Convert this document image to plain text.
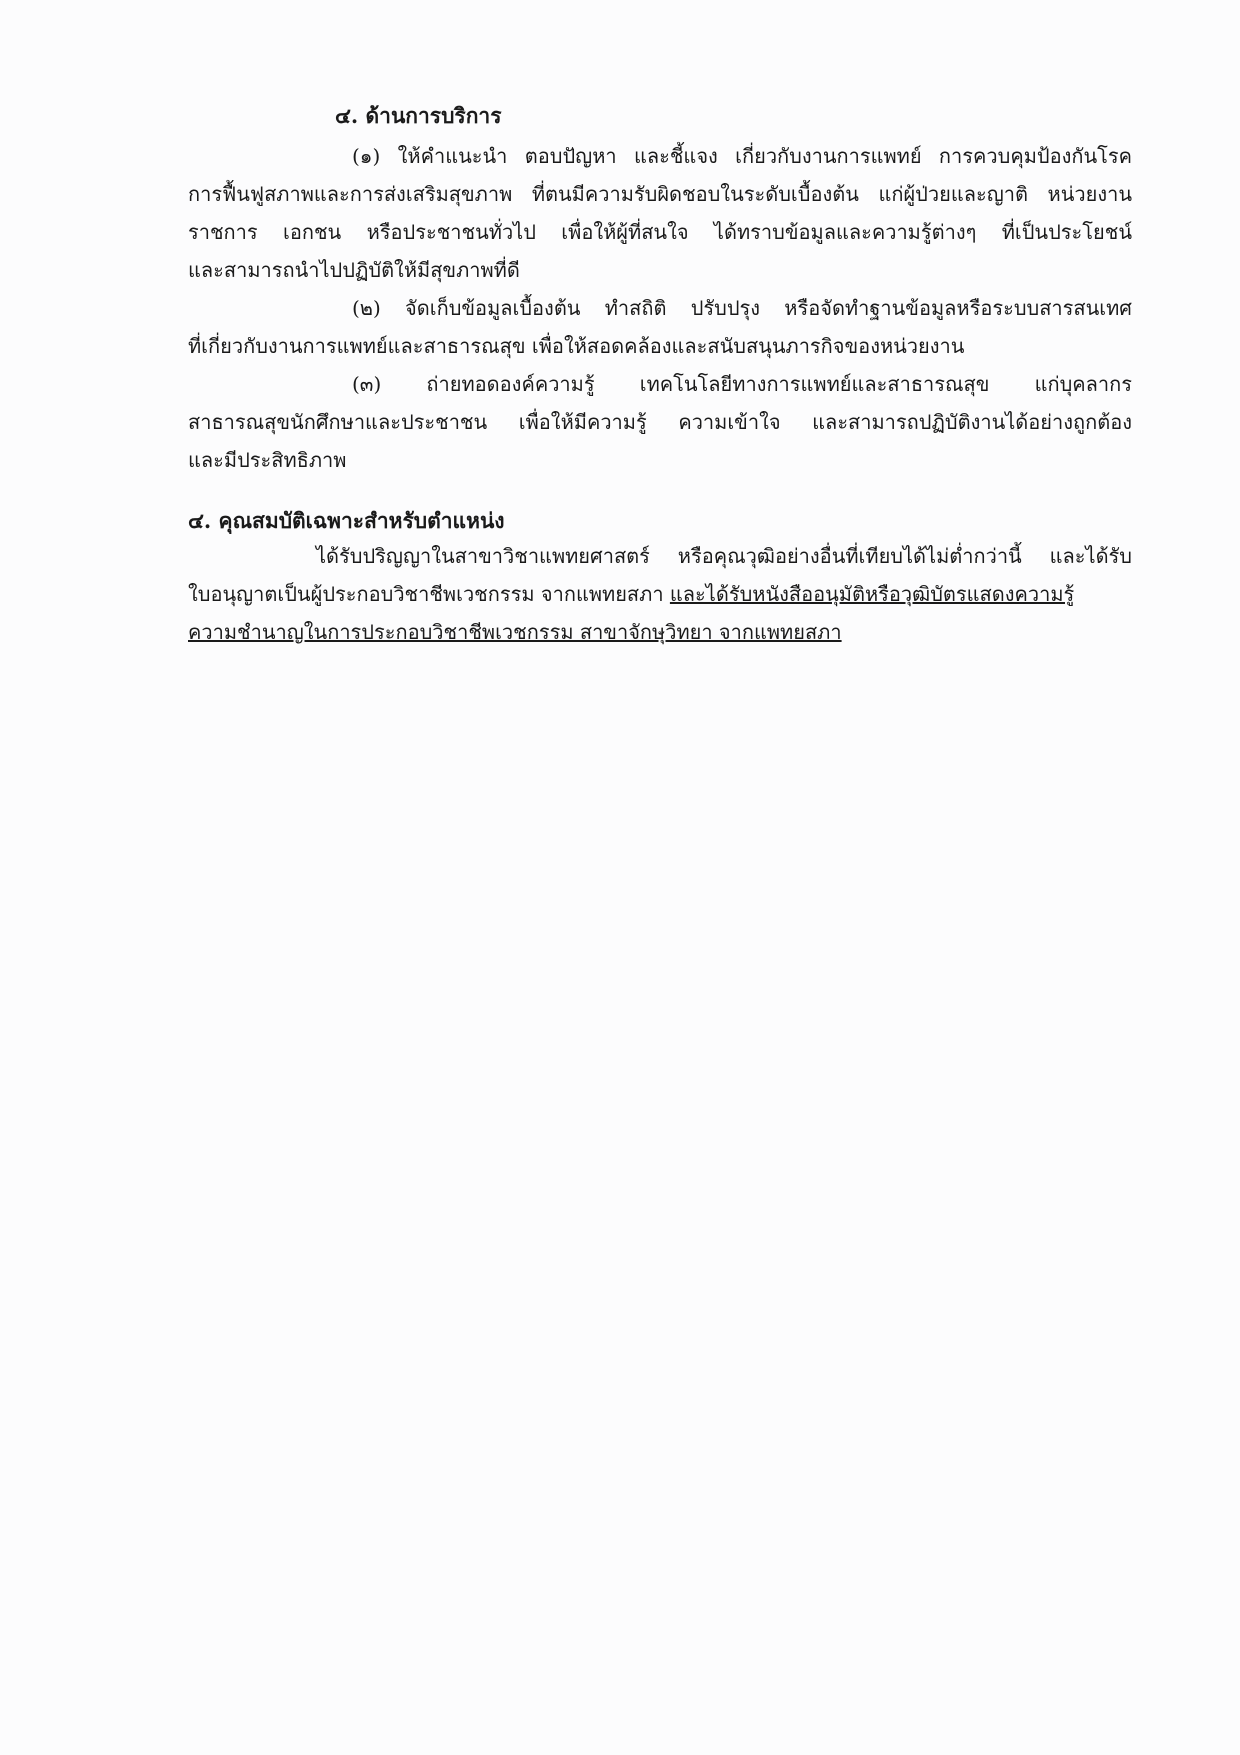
๔. ด้านการบริการ
(๑) ให้คำแนะนำ ตอบปัญหา และชี้แจง เกี่ยวกับงานการแพทย์ การควบคุมป้องกันโรค
การฟื้นฟูสภาพและการส่งเสริมสุขภาพ ที่ตนมีความรับผิดชอบในระดับเบื้องต้น แก่ผู้ป่วยและญาติ หน่วยงาน
ราชการ เอกชน หรือประชาชนทั่วไป เพื่อให้ผู้ที่สนใจ ได้ทราบข้อมูลและความรู้ต่างๆ ที่เป็นประโยชน์
และสามารถนำไปปฏิบัติให้มีสุขภาพที่ดี
(๒) จัดเก็บข้อมูลเบื้องต้น ทำสถิติ ปรับปรุง หรือจัดทำฐานข้อมูลหรือระบบสารสนเทศ
ที่เกี่ยวกับงานการแพทย์และสาธารณสุข เพื่อให้สอดคล้องและสนับสนุนภารกิจของหน่วยงาน
(๓) ถ่ายทอดองค์ความรู้ เทคโนโลยีทางการแพทย์และสาธารณสุข แก่บุคลากร
สาธารณสุขนักศึกษาและประชาชน เพื่อให้มีความรู้ ความเข้าใจ และสามารถปฏิบัติงานได้อย่างถูกต้อง
และมีประสิทธิภาพ
๔. คุณสมบัติเฉพาะสำหรับตำแหน่ง
ได้รับปริญญาในสาขาวิชาแพทยศาสตร์ หรือคุณวุฒิอย่างอื่นที่เทียบได้ไม่ต่ำกว่านี้ และได้รับ
ใบอนุญาตเป็นผู้ประกอบวิชาชีพเวชกรรม จากแพทยสภา และได้รับหนังสืออนุมัติหรือวุฒิบัตรแสดงความรู้
ความชำนาญในการประกอบวิชาชีพเวชกรรม สาขาจักษุวิทยา จากแพทยสภา
